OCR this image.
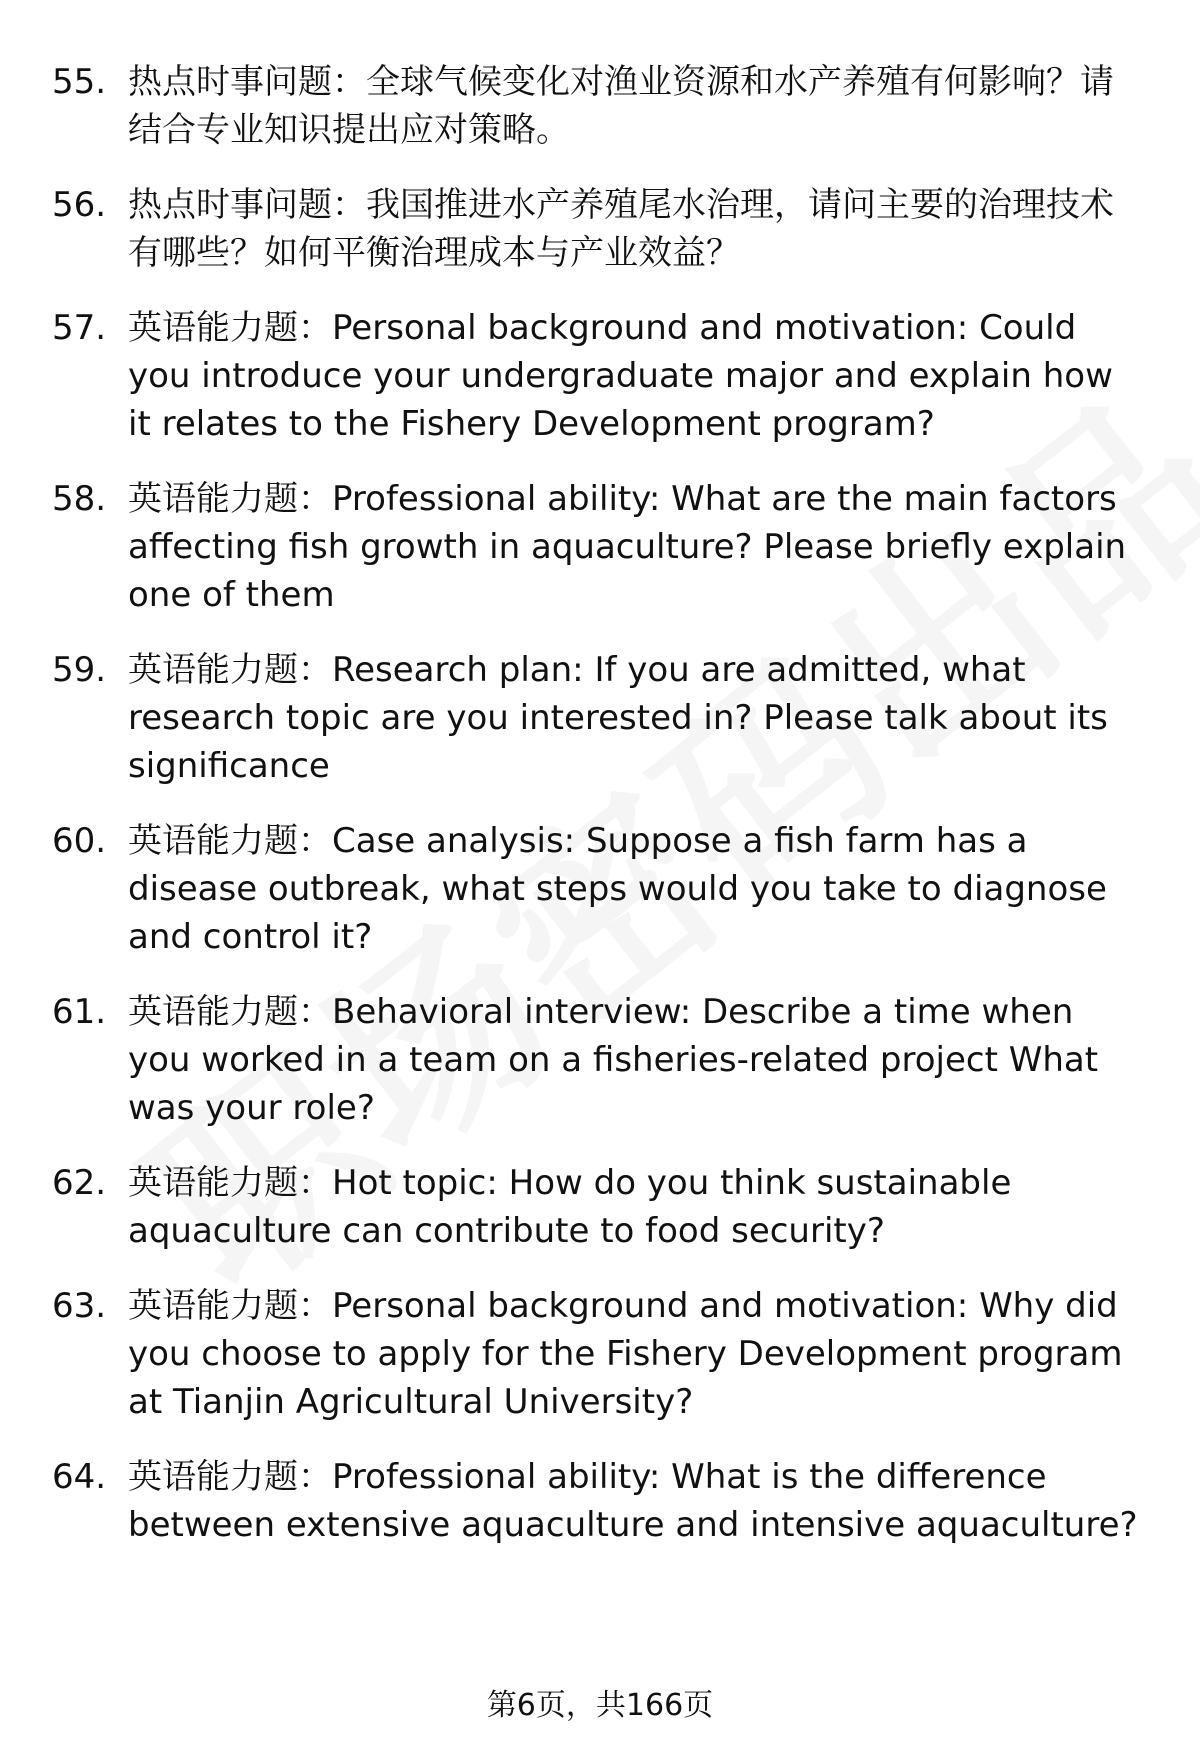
55. 热点时事问题：全球气候变化对渔业资源和水产养殖有何影响？请结合专业知识提出应对策略。
56. 热点时事问题：我国推进水产养殖尾水治理，请问主要的治理技术有哪些？如何平衡治理成本与产业效益？
57. 英语能力题：Personal background and motivation: Could you introduce your undergraduate major and explain how it relates to the Fishery Development program?
58. 英语能力题：Professional ability: What are the main factors affecting fish growth in aquaculture? Please briefly explain one of them
59. 英语能力题：Research plan: If you are admitted, what research topic are you interested in? Please talk about its significance
60. 英语能力题：Case analysis: Suppose a fish farm has a disease outbreak, what steps would you take to diagnose and control it?
61. 英语能力题：Behavioral interview: Describe a time when you worked in a team on a fisheries-related project What was your role?
62. 英语能力题：Hot topic: How do you think sustainable aquaculture can contribute to food security?
63. 英语能力题：Personal background and motivation: Why did you choose to apply for the Fishery Development program at Tianjin Agricultural University?
64. 英语能力题：Professional ability: What is the difference between extensive aquaculture and intensive aquaculture?
第6页，共166页
